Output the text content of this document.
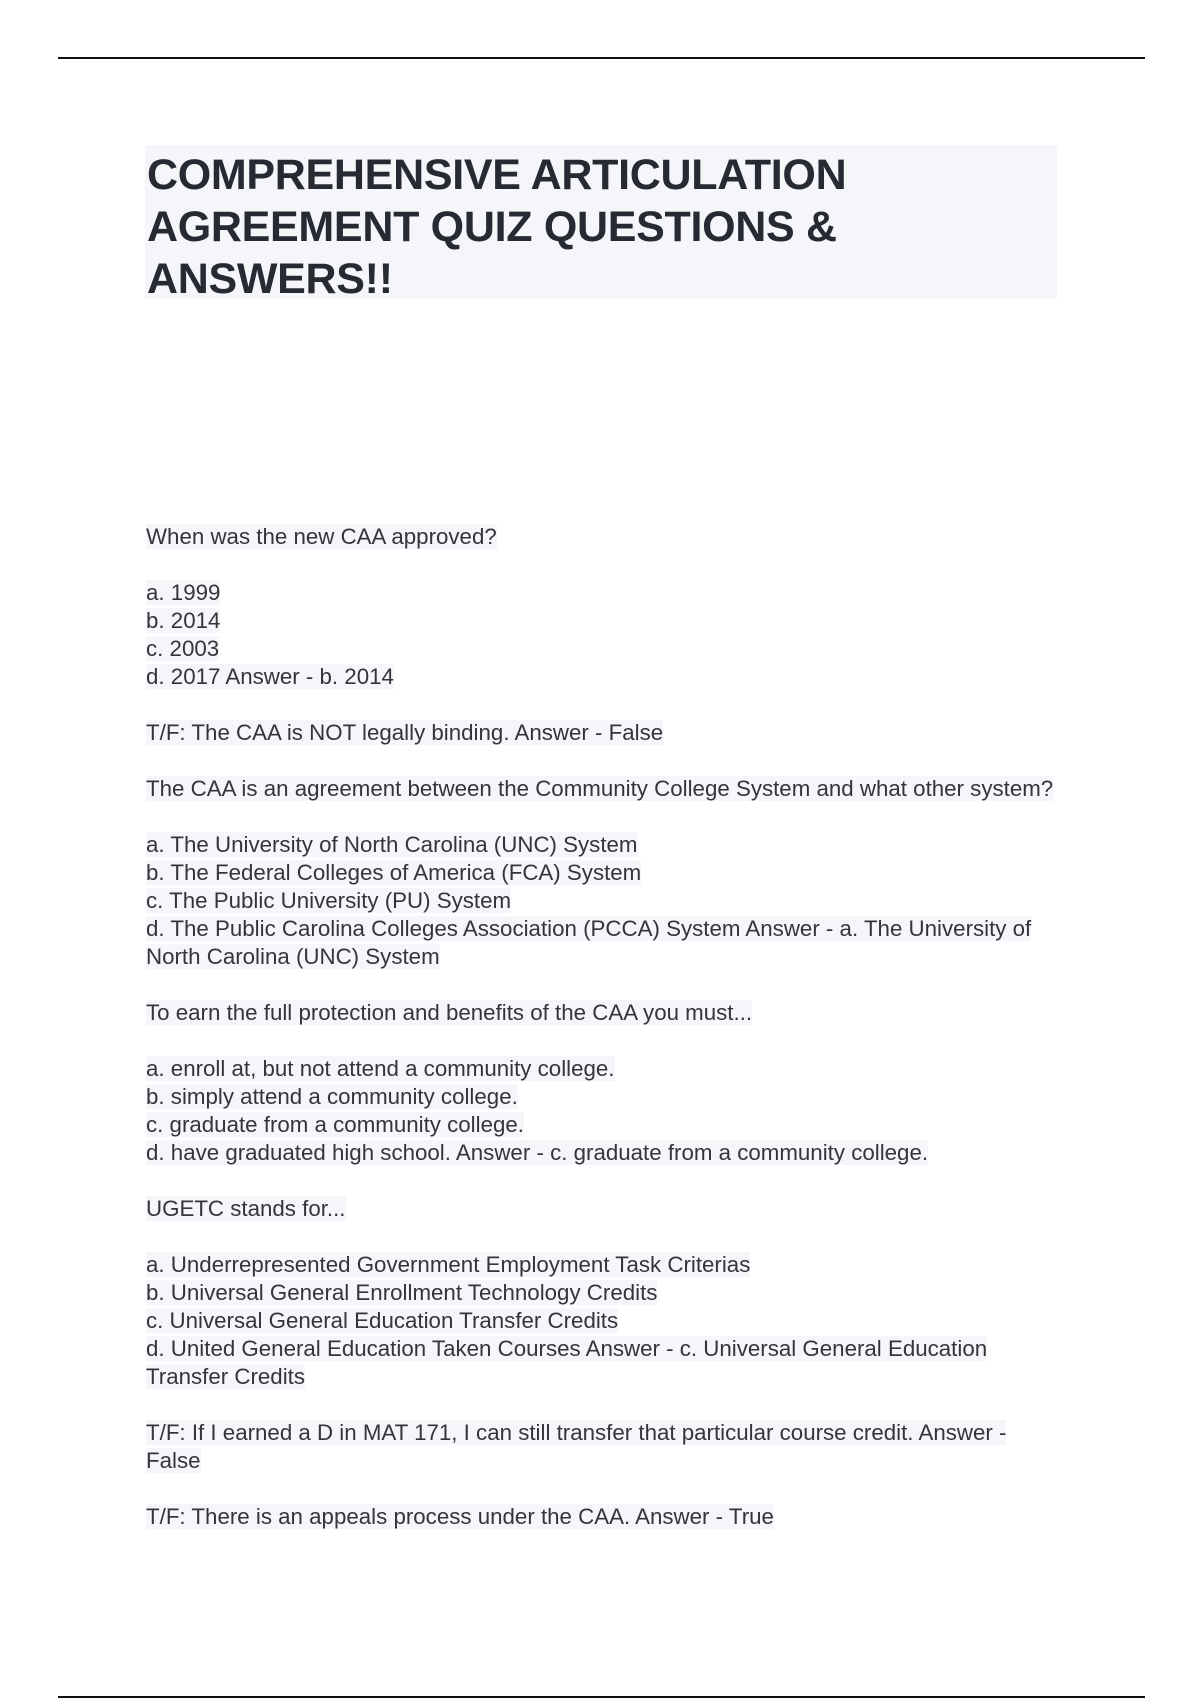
COMPREHENSIVE ARTICULATION AGREEMENT QUIZ QUESTIONS & ANSWERS!!

When was the new CAA approved?

a. 1999
b. 2014
c. 2003
d. 2017 Answer - b. 2014

T/F: The CAA is NOT legally binding. Answer - False

The CAA is an agreement between the Community College System and what other system?

a. The University of North Carolina (UNC) System
b. The Federal Colleges of America (FCA) System
c. The Public University (PU) System
d. The Public Carolina Colleges Association (PCCA) System Answer - a. The University of North Carolina (UNC) System

To earn the full protection and benefits of the CAA you must...

a. enroll at, but not attend a community college.
b. simply attend a community college.
c. graduate from a community college.
d. have graduated high school. Answer - c. graduate from a community college.

UGETC stands for...

a. Underrepresented Government Employment Task Criterias
b. Universal General Enrollment Technology Credits
c. Universal General Education Transfer Credits
d. United General Education Taken Courses Answer - c. Universal General Education Transfer Credits

T/F: If I earned a D in MAT 171, I can still transfer that particular course credit. Answer - False

T/F: There is an appeals process under the CAA. Answer - True
